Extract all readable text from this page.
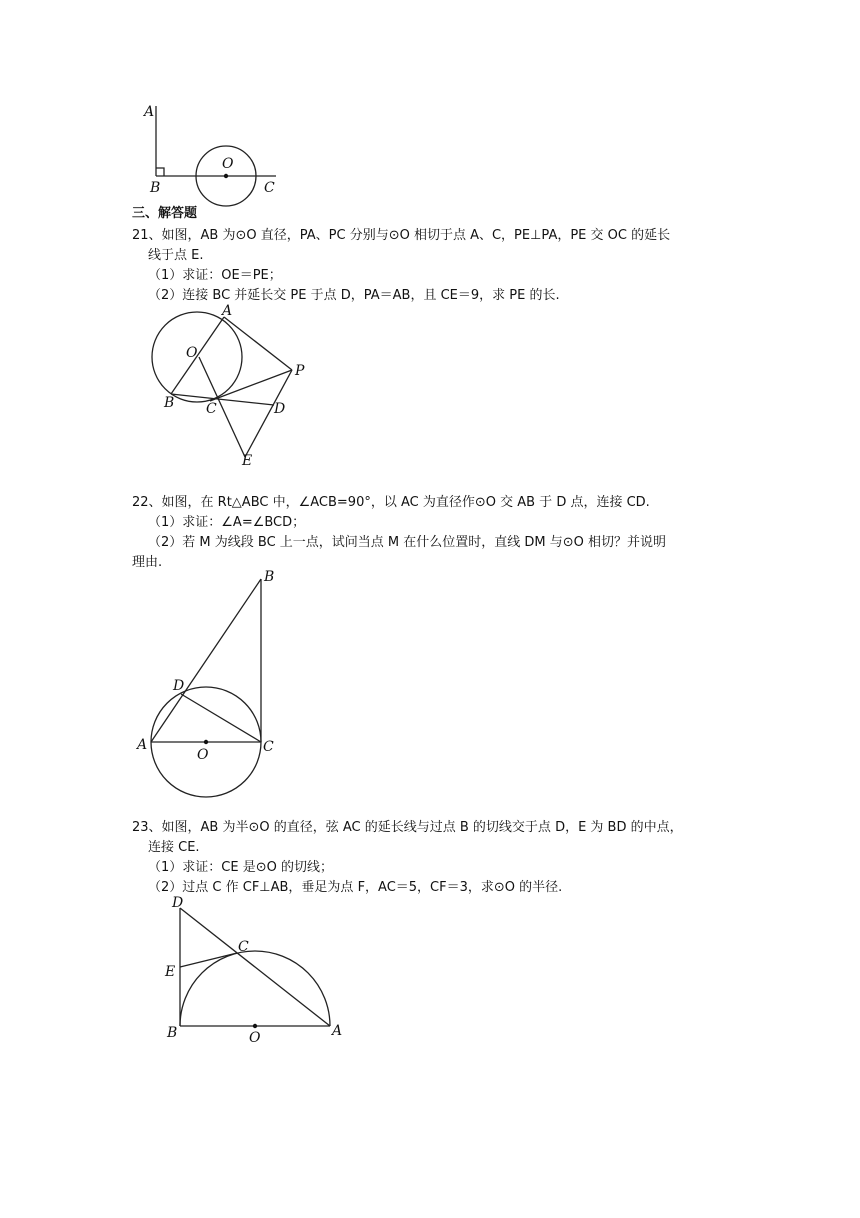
A
B
O
C
三、解答题
21、如图，AB 为⊙O 直径，PA、PC 分别与⊙O 相切于点 A、C，PE⊥PA，PE 交 OC 的延长
线于点 E.
（1）求证：OE＝PE；
（2）连接 BC 并延长交 PE 于点 D，PA＝AB，且 CE＝9，求 PE 的长.
A
O
P
B C	D
E
22、如图，在 Rt△ABC 中，∠ACB=90°，以 AC 为直径作⊙O 交 AB 于 D 点，连接 CD.
（1）求证：∠A=∠BCD；
（2）若 M 为线段 BC 上一点，试问当点 M 在什么位置时，直线 DM 与⊙O 相切？并说明
理由.
B
D
A
O	C
23、如图，AB 为半⊙O 的直径，弦 AC 的延长线与过点 B 的切线交于点 D，E 为 BD 的中点，
连接 CE.
（1）求证：CE 是⊙O 的切线；
（2）过点 C 作 CF⊥AB，垂足为点 F，AC＝5，CF＝3，求⊙O 的半径.
D
C
E
B	O	A
